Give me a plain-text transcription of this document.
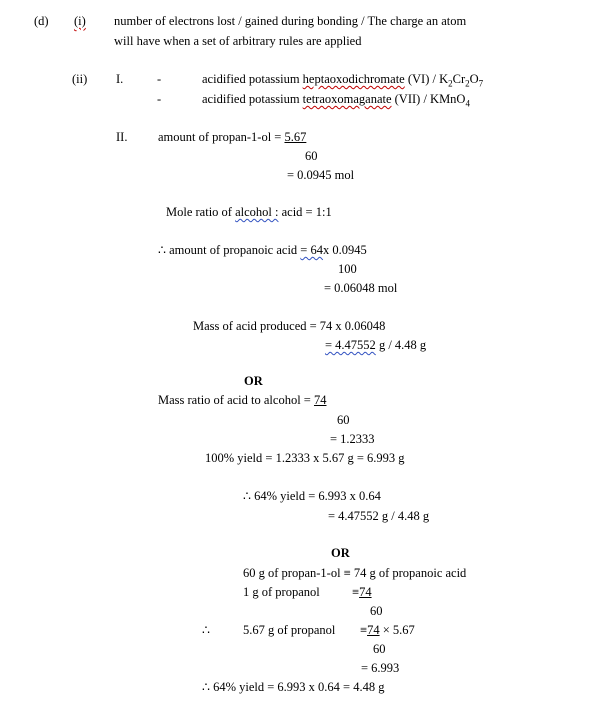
(d) (i) number of electrons lost / gained during bonding / The charge an atom
will have when a set of arbitrary rules are applied
(ii) I.	-	acidified potassium heptaoxodichromate $(VI) / K_2Cr_2O_7$
-	acidified potassium tetraoxomaganate (VII) / KMnO$_4$
II. amount of propan-1-ol = 5.67
60
= 0.0945 mol
Mole ratio of alcohol : acid = 1:1
∴ amount of propanoic acid = 64x 0.0945
100
= 0.06048 mol
Mass of acid produced = 74 x 0.06048
= 4.47552 g / 4.48 g
OR
Mass ratio of acid to alcohol = 74
60
= 1.2333
100% yield = 1.2333 x 5.67 g = 6.993 g
∴ 64% yield = 6.993 x 0.64
= 4.47552 g / 4.48 g
OR
60 g of propan-1-ol ≡ 74 g of propanoic acid
1 g of propanol	≡74
60
∴	5.67 g of propanol ≡74 × 5.67
60
= 6.993
∴ 64% yield = 6.993 x 0.64 = 4.48 g
